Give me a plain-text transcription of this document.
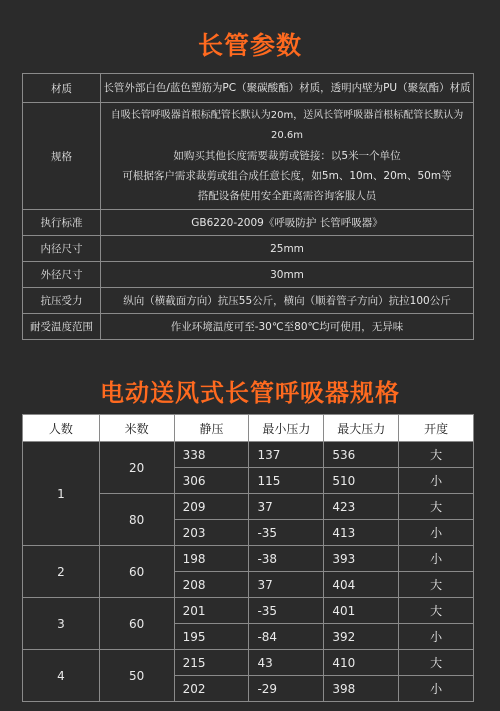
长管参数
材质	长管外部白色/蓝色塑筋为PC（聚碳酸酯）材质，透明内壁为PU（聚氨酯）材质

规格	自吸长管呼吸器首根标配管长默认为20m，送风长管呼吸器首根标配管长默认为20.6m
如购买其他长度需要裁剪或链接：以5米一个单位
可根据客户需求裁剪或组合成任意长度，如5m、10m、20m、50m等
搭配设备使用安全距离需咨询客服人员

执行标准	GB6220-2009《呼吸防护 长管呼吸器》

内径尺寸	25mm

外径尺寸	30mm

抗压受力	纵向（横截面方向）抗压55公斤，横向（顺着管子方向）抗拉100公斤

耐受温度范围	作业环境温度可至-30℃至80℃均可使用，无异味
电动送风式长管呼吸器规格
人数	米数	静压	最小压力	最大压力	开度
1	20	338	137	536	大
		306	115	510	小
	80	209	37	423	大
		203	-35	413	小
2	60	198	-38	393	小
		208	37	404	大
3	60	201	-35	401	大
		195	-84	392	小
4	50	215	43	410	大
		202	-29	398	小
